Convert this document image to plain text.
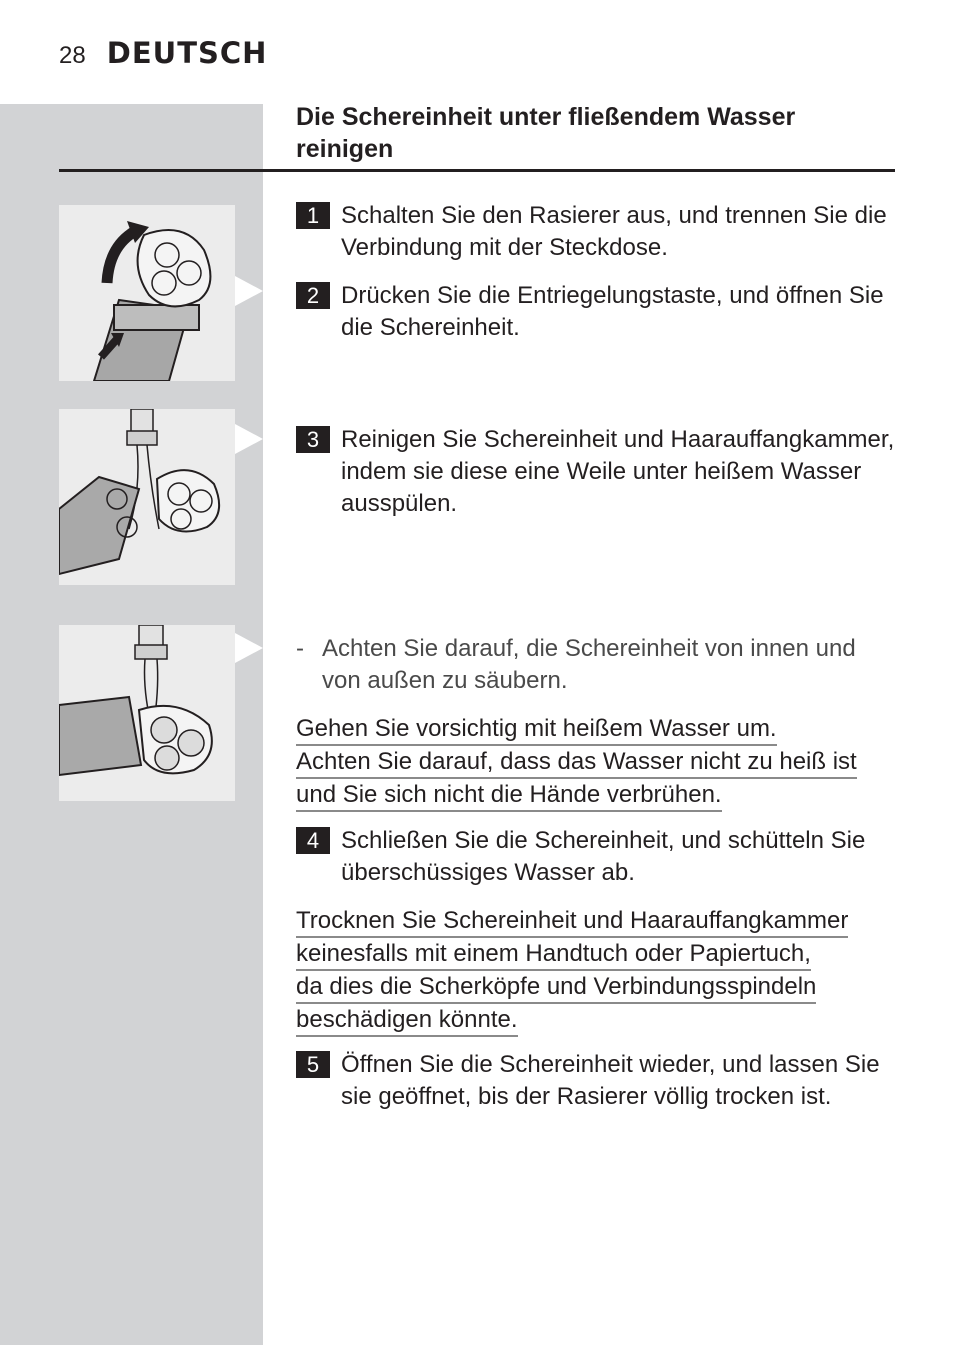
28 DEUTSCH
Die Schereinheit unter fließendem Wasser reinigen
1 Schalten Sie den Rasierer aus, und trennen Sie die Verbindung mit der Steckdose.
2 Drücken Sie die Entriegelungstaste, und öffnen Sie die Schereinheit.
3 Reinigen Sie Schereinheit und Haarauffangkammer, indem sie diese eine Weile unter heißem Wasser ausspülen.
- Achten Sie darauf, die Schereinheit von innen und von außen zu säubern.
Gehen Sie vorsichtig mit heißem Wasser um.
Achten Sie darauf, dass das Wasser nicht zu heiß ist
und Sie sich nicht die Hände verbrühen.
4 Schließen Sie die Schereinheit, und schütteln Sie überschüssiges Wasser ab.
Trocknen Sie Schereinheit und Haarauffangkammer
keinesfalls mit einem Handtuch oder Papiertuch,
da dies die Scherköpfe und Verbindungsspindeln
beschädigen könnte.
5 Öffnen Sie die Schereinheit wieder, und lassen Sie sie geöffnet, bis der Rasierer völlig trocken ist.
